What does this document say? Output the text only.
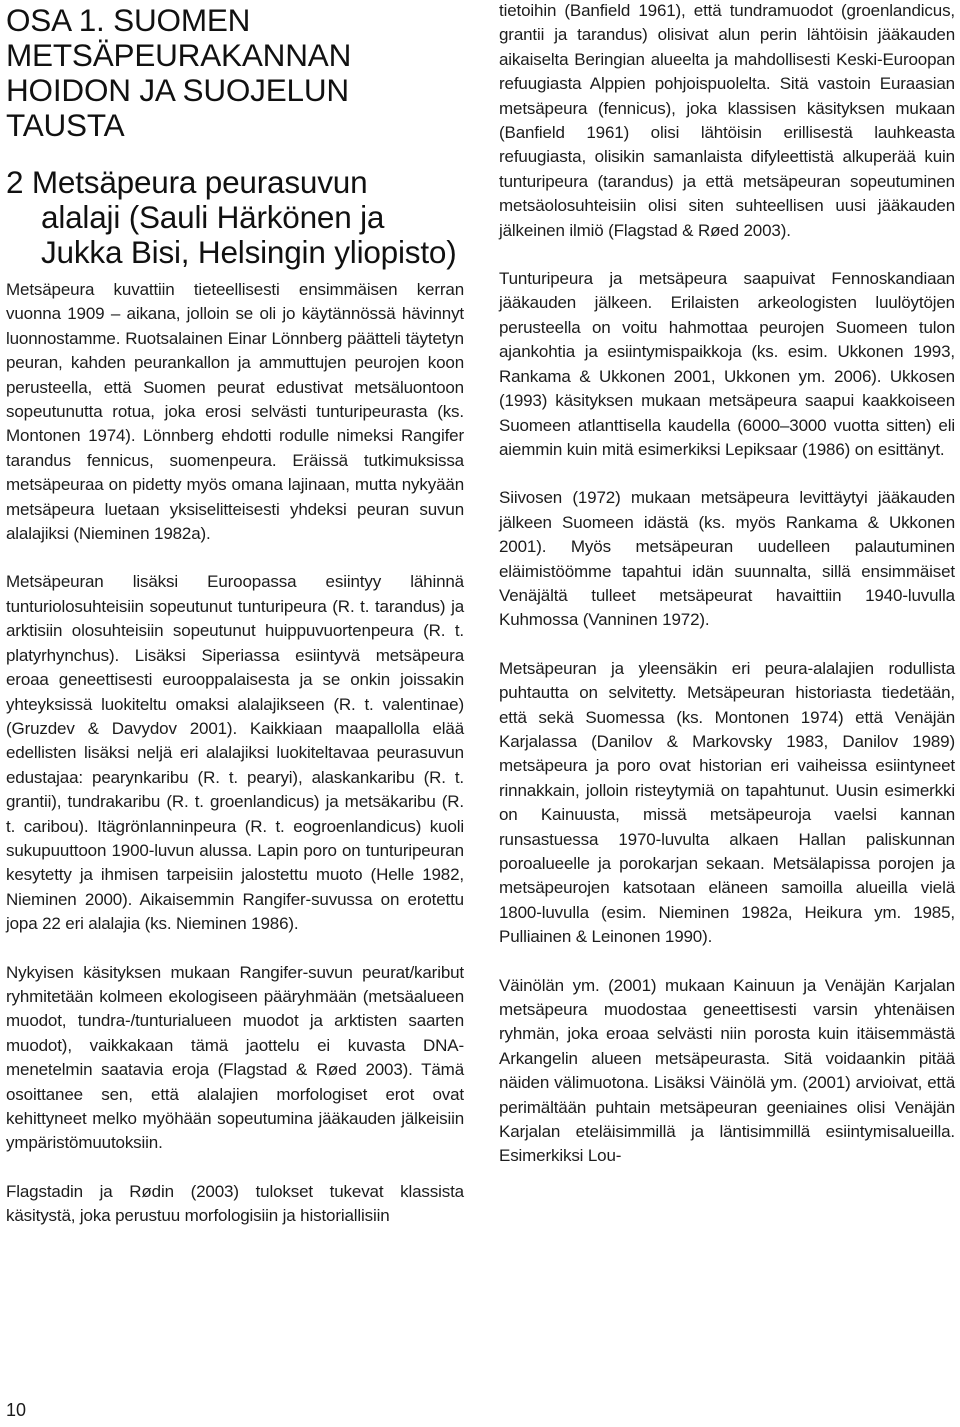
OSA 1. SUOMEN METSÄPEURAKANNAN HOIDON JA SUOJELUN TAUSTA
2 Metsäpeura peurasuvun
alalaji (Sauli Härkönen ja
Jukka Bisi, Helsingin yliopisto)

Metsäpeura kuvattiin tieteellisesti ensimmäisen kerran vuonna 1909 – aikana, jolloin se oli jo käytännössä hävinnyt luonnostamme. Ruotsalainen Einar Lönnberg päätteli täytetyn peuran, kahden peurankallon ja ammuttujen peurojen koon perusteella, että Suomen peurat edustivat metsäluontoon sopeutunutta rotua, joka erosi selvästi tunturipeurasta (ks. Montonen 1974). Lönnberg ehdotti rodulle nimeksi Rangifer tarandus fennicus, suomenpeura. Eräissä tutkimuksissa metsäpeuraa on pidetty myös omana lajinaan, mutta nykyään metsäpeura luetaan yksiselitteisesti yhdeksi peuran suvun alalajiksi (Nieminen 1982a).

Metsäpeuran lisäksi Euroopassa esiintyy lähinnä tunturiolosuhteisiin sopeutunut tunturipeura (R. t. tarandus) ja arktisiin olosuhteisiin sopeutunut huippuvuortenpeura (R. t. platyrhynchus). Lisäksi Siperiassa esiintyvä metsäpeura eroaa geneettisesti eurooppalaisesta ja se onkin joissakin yhteyksissä luokiteltu omaksi alalajikseen (R. t. valentinae) (Gruzdev & Davydov 2001). Kaikkiaan maapallolla elää edellisten lisäksi neljä eri alalajiksi luokiteltavaa peurasuvun edustajaa: pearynkaribu (R. t. pearyi), alaskankaribu (R. t. grantii), tundrakaribu (R. t. groenlandicus) ja metsäkaribu (R. t. caribou). Itägrönlanninpeura (R. t. eogroenlandicus) kuoli sukupuuttoon 1900-luvun alussa. Lapin poro on tunturipeuran kesytetty ja ihmisen tarpeisiin jalostettu muoto (Helle 1982, Nieminen 2000). Aikaisemmin Rangifer-suvussa on erotettu jopa 22 eri alalajia (ks. Nieminen 1986).

Nykyisen käsityksen mukaan Rangifer-suvun peurat/karibut ryhmitetään kolmeen ekologiseen pääryhmään (metsäalueen muodot, tundra-/tunturialueen muodot ja arktisten saarten muodot), vaikkakaan tämä jaottelu ei kuvasta DNA-menetelmin saatavia eroja (Flagstad & Røed 2003). Tämä osoittanee sen, että alalajien morfologiset erot ovat kehittyneet melko myöhään sopeutumina jääkauden jälkeisiin ympäristömuutoksiin.

Flagstadin ja Rødin (2003) tulokset tukevat klassista käsitystä, joka perustuu morfologisiin ja historiallisiin

tietoihin (Banfield 1961), että tundramuodot (groenlandicus, grantii ja tarandus) olisivat alun perin lähtöisin jääkauden aikaiselta Beringian alueelta ja mahdollisesti Keski-Euroopan refuugiasta Alppien pohjoispuolelta. Sitä vastoin Euraasian metsäpeura (fennicus), joka klassisen käsityksen mukaan (Banfield 1961) olisi lähtöisin erillisestä lauhkeasta refuugiasta, olisikin samanlaista difyleettistä alkuperää kuin tunturipeura (tarandus) ja että metsäpeuran sopeutuminen metsäolosuhteisiin olisi siten suhteellisen uusi jääkauden jälkeinen ilmiö (Flagstad & Røed 2003).

Tunturipeura ja metsäpeura saapuivat Fennoskandiaan jääkauden jälkeen. Erilaisten arkeologisten luulöytöjen perusteella on voitu hahmottaa peurojen Suomeen tulon ajankohtia ja esiintymispaikkoja (ks. esim. Ukkonen 1993, Rankama & Ukkonen 2001, Ukkonen ym. 2006). Ukkosen (1993) käsityksen mukaan metsäpeura saapui kaakkoiseen Suomeen atlanttisella kaudella (6000–3000 vuotta sitten) eli aiemmin kuin mitä esimerkiksi Lepiksaar (1986) on esittänyt.

Siivosen (1972) mukaan metsäpeura levittäytyi jääkauden jälkeen Suomeen idästä (ks. myös Rankama & Ukkonen 2001). Myös metsäpeuran uudelleen palautuminen eläimistöömme tapahtui idän suunnalta, sillä ensimmäiset Venäjältä tulleet metsäpeurat havaittiin 1940-luvulla Kuhmossa (Vanninen 1972).

Metsäpeuran ja yleensäkin eri peura-alalajien rodullista puhtautta on selvitetty. Metsäpeuran historiasta tiedetään, että sekä Suomessa (ks. Montonen 1974) että Venäjän Karjalassa (Danilov & Markovsky 1983, Danilov 1989) metsäpeura ja poro ovat historian eri vaiheissa esiintyneet rinnakkain, jolloin risteytymiä on tapahtunut. Uusin esimerkki on Kainuusta, missä metsäpeuroja vaelsi kannan runsastuessa 1970-luvulta alkaen Hallan paliskunnan poroalueelle ja porokarjan sekaan. Metsälapissa porojen ja metsäpeurojen katsotaan eläneen samoilla alueilla vielä 1800-luvulla (esim. Nieminen 1982a, Heikura ym. 1985, Pulliainen & Leinonen 1990).

Väinölän ym. (2001) mukaan Kainuun ja Venäjän Karjalan metsäpeura muodostaa geneettisesti varsin yhtenäisen ryhmän, joka eroaa selvästi niin porosta kuin itäisemmästä Arkangelin alueen metsäpeurasta. Sitä voidaankin pitää näiden välimuotona. Lisäksi Väinölä ym. (2001) arvioivat, että perimältään puhtain metsäpeuran geeniaines olisi Venäjän Karjalan eteläisimmillä ja läntisimmillä esiintymisalueilla. Esimerkiksi Lou-

10
